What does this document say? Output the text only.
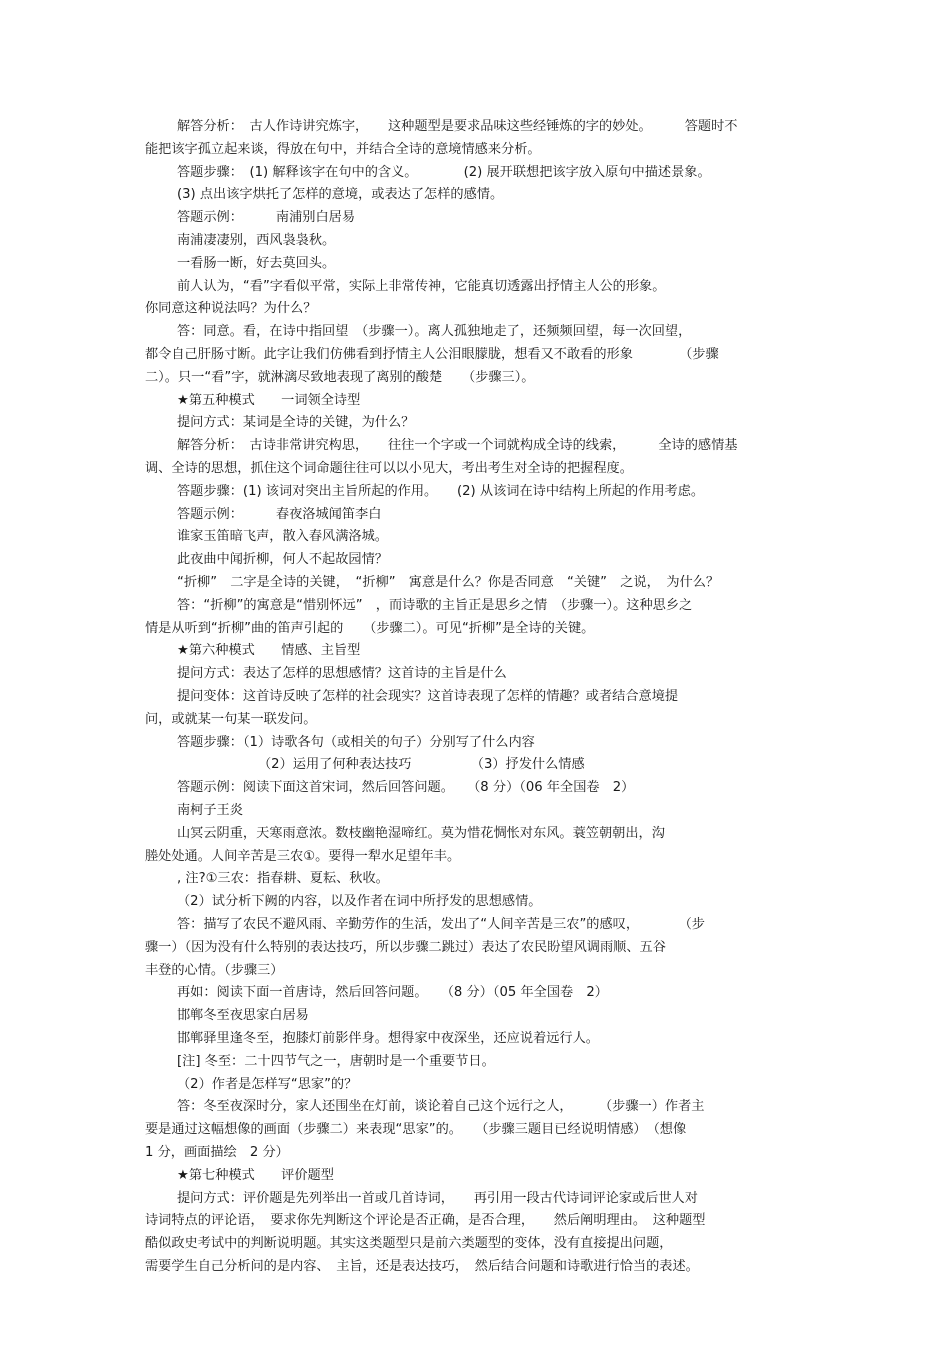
解答分析：　古人作诗讲究炼字，　　这种题型是要求品味这些经锤炼的字的妙处。　　　答题时不
能把该字孤立起来谈，得放在句中，并结合全诗的意境情感来分析。
答题步骤：　(1) 解释该字在句中的含义。　　　　(2) 展开联想把该字放入原句中描述景象。
(3) 点出该字烘托了怎样的意境，或表达了怎样的感情。
答题示例：　　　南浦别白居易
南浦凄凄别，西风袅袅秋。
一看肠一断，好去莫回头。
前人认为，“看”字看似平常，实际上非常传神，它能真切透露出抒情主人公的形象。
你同意这种说法吗？为什么？
答：同意。看，在诗中指回望　（步骤一）。离人孤独地走了，还频频回望，每一次回望，
都令自己肝肠寸断。此字让我们仿佛看到抒情主人公泪眼朦胧，想看又不敢看的形象　　　　（步骤
二）。只一“看”字，就淋漓尽致地表现了离别的酸楚　　（步骤三）。
★第五种模式　　一词领全诗型
提问方式：某词是全诗的关键，为什么？
解答分析：　古诗非常讲究构思，　　往往一个字或一个词就构成全诗的线索，　　　全诗的感情基
调、全诗的思想，抓住这个词命题往往可以以小见大，考出考生对全诗的把握程度。
答题步骤：(1) 该词对突出主旨所起的作用。　　(2) 从该词在诗中结构上所起的作用考虑。
答题示例：　　　春夜洛城闻笛李白
谁家玉笛暗飞声，散入春风满洛城。
此夜曲中闻折柳，何人不起故园情？
“折柳”　二字是全诗的关键，　“折柳”　寓意是什么？你是否同意　“关键”　之说，　为什么？
答：“折柳”的寓意是“惜别怀远”　，而诗歌的主旨正是思乡之情　（步骤一）。这种思乡之
情是从听到“折柳”曲的笛声引起的　　（步骤二）。可见“折柳”是全诗的关键。
★第六种模式　　情感、主旨型
提问方式：表达了怎样的思想感情？这首诗的主旨是什么
提问变体：这首诗反映了怎样的社会现实？这首诗表现了怎样的情趣？或者结合意境提
问，或就某一句某一联发问。
答题步骤：（1）诗歌各句（或相关的句子）分别写了什么内容
（2）运用了何种表达技巧　　　　　（3）抒发什么情感
答题示例：阅读下面这首宋词，然后回答问题。　　（8 分）（06 年全国卷　2）
南柯子王炎
山冥云阴重，天寒雨意浓。数枝幽艳湿啼红。莫为惜花惆怅对东风。蓑笠朝朝出，沟
塍处处通。人间辛苦是三农①。要得一犁水足望年丰。
, 注?①三农：指春耕、夏耘、秋收。
（2）试分析下阙的内容，以及作者在词中所抒发的思想感情。
答：描写了农民不避风雨、辛勤劳作的生活，发出了“人间辛苦是三农”的感叹，　　　　（步
骤一）（因为没有什么特别的表达技巧，所以步骤二跳过）表达了农民盼望风调雨顺、五谷
丰登的心情。（步骤三）
再如：阅读下面一首唐诗，然后回答问题。　　（8 分）（05 年全国卷　2）
邯郸冬至夜思家白居易
邯郸驿里逢冬至，抱膝灯前影伴身。想得家中夜深坐，还应说着远行人。
[注] 冬至：二十四节气之一，唐朝时是一个重要节日。
（2）作者是怎样写“思家”的？
答：冬至夜深时分，家人还围坐在灯前，谈论着自己这个远行之人，　　　（步骤一）作者主
要是通过这幅想像的画面（步骤二）来表现“思家”的。　　（步骤三题目已经说明情感）　（想像
1 分，画面描绘　2 分）
★第七种模式　　评价题型
提问方式：评价题是先列举出一首或几首诗词，　　再引用一段古代诗词评论家或后世人对
诗词特点的评论语，　要求你先判断这个评论是否正确，是否合理，　　然后阐明理由。　这种题型
酷似政史考试中的判断说明题。其实这类题型只是前六类题型的变体，没有直接提出问题，
需要学生自己分析问的是内容、　主旨，还是表达技巧，　然后结合问题和诗歌进行恰当的表述。
